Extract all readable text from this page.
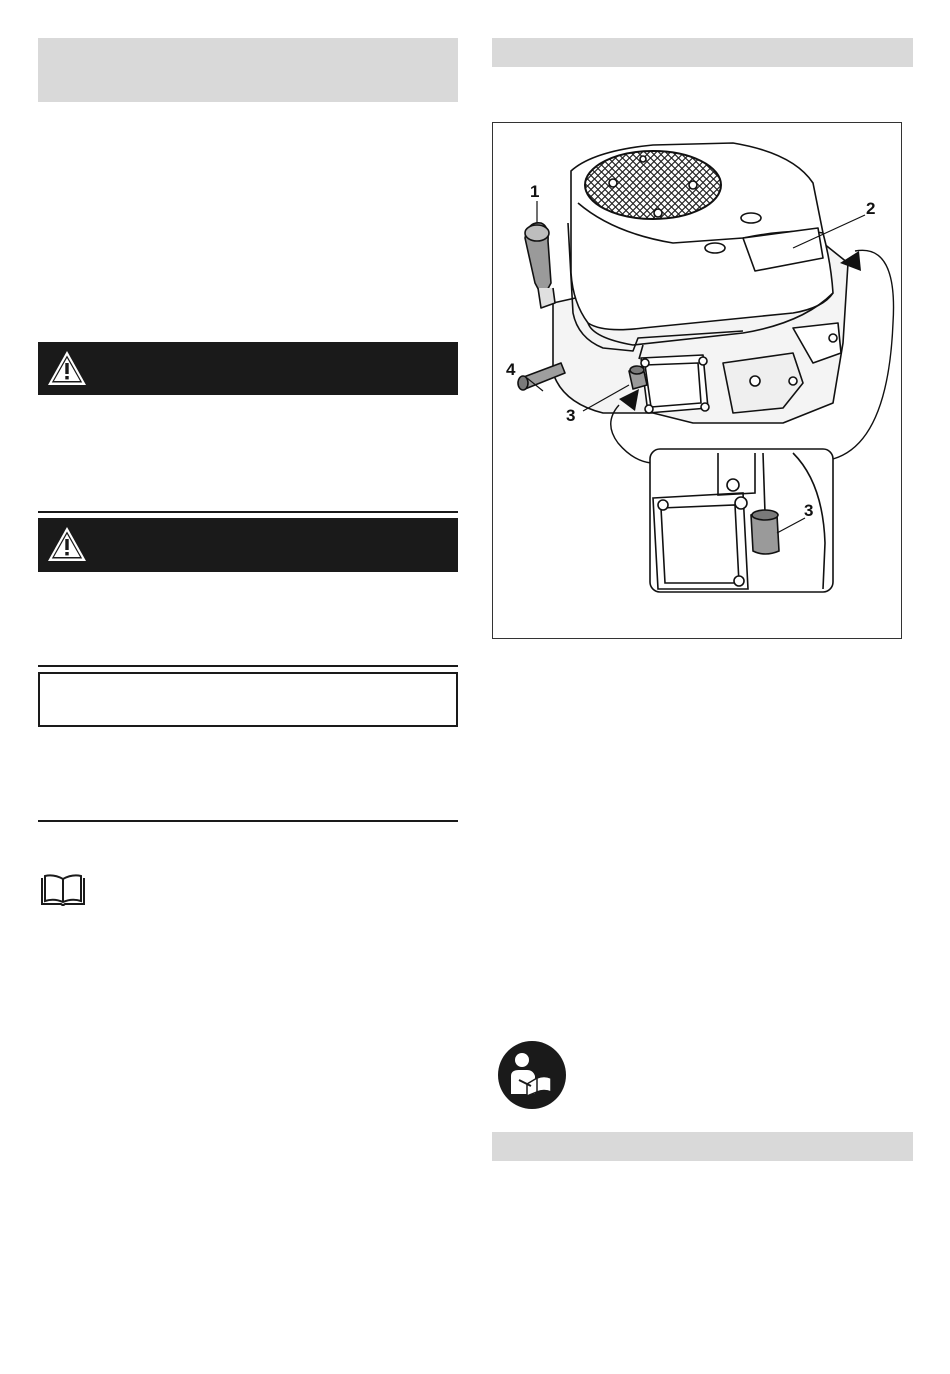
1
2
4
3
3
